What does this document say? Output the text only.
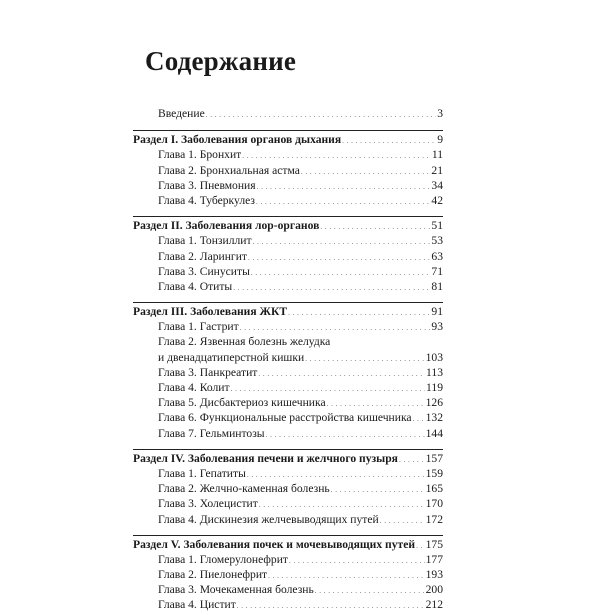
Содержание
Введение . . .	3
Раздел I. Заболевания органов дыхания . . .	9
Глава 1. Бронхит . . .	11
Глава 2. Бронхиальная астма . . .	21
Глава 3. Пневмония . . .	34
Глава 4. Туберкулез . . .	42
Раздел II. Заболевания лор-органов . . .	51
Глава 1. Тонзиллит . . .	53
Глава 2. Ларингит . . .	63
Глава 3. Синуситы . . .	71
Глава 4. Отиты . . .	81
Раздел III. Заболевания ЖКТ . . .	91
Глава 1. Гастрит . . .	93
Глава 2. Язвенная болезнь желудка
и двенадцатиперстной кишки . . .	103
Глава 3. Панкреатит . . .	113
Глава 4. Колит . . .	119
Глава 5. Дисбактериоз кишечника . . .	126
Глава 6. Функциональные расстройства кишечника . . . 132
Глава 7. Гельминтозы . . .	144
Раздел IV. Заболевания печени и желчного пузыря . . . 157
Глава 1. Гепатиты . . .	159
Глава 2. Желчно-каменная болезнь . . .	165
Глава 3. Холецистит . . .	170
Глава 4. Дискинезия желчевыводящих путей . . .	172
Раздел V. Заболевания почек и мочевыводящих путей . . . 175
Глава 1. Гломерулонефрит . . .	177
Глава 2. Пиелонефрит . . .	193
Глава 3. Мочекаменная болезнь . . .	200
Глава 4. Цистит . . .	212
